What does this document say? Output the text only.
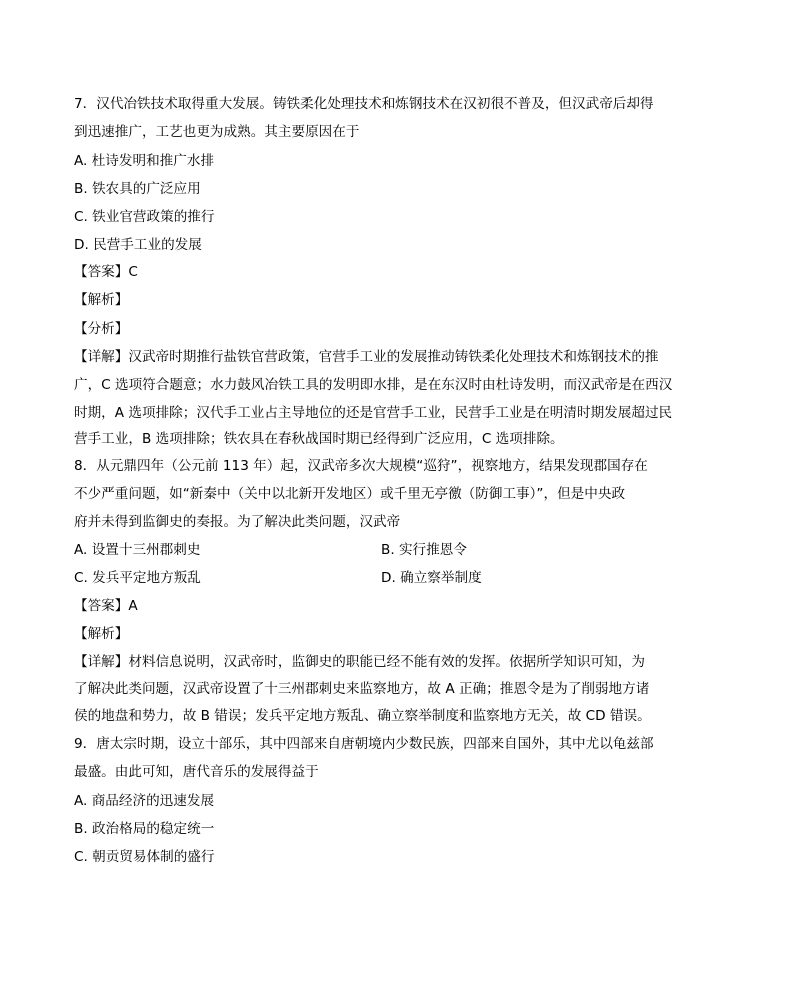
7．汉代冶铁技术取得重大发展。铸铁柔化处理技术和炼钢技术在汉初很不普及，但汉武帝后却得
到迅速推广，工艺也更为成熟。其主要原因在于
A. 杜诗发明和推广水排
B. 铁农具的广泛应用
C. 铁业官营政策的推行
D. 民营手工业的发展
【答案】C
【解析】
【分析】
【详解】汉武帝时期推行盐铁官营政策，官营手工业的发展推动铸铁柔化处理技术和炼钢技术的推
广，C 选项符合题意；水力鼓风冶铁工具的发明即水排，是在东汉时由杜诗发明，而汉武帝是在西汉
时期，A 选项排除；汉代手工业占主导地位的还是官营手工业，民营手工业是在明清时期发展超过民
营手工业，B 选项排除；铁农具在春秋战国时期已经得到广泛应用，C 选项排除。
8．从元鼎四年（公元前 113 年）起，汉武帝多次大规模“巡狩”，视察地方，结果发现郡国存在
不少严重问题，如“新秦中（关中以北新开发地区）或千里无亭徼（防御工事）”，但是中央政
府并未得到监御史的奏报。为了解决此类问题，汉武帝
A. 设置十三州郡刺史	B. 实行推恩令
C. 发兵平定地方叛乱	D. 确立察举制度
【答案】A
【解析】
【详解】材料信息说明，汉武帝时，监御史的职能已经不能有效的发挥。依据所学知识可知，为
了解决此类问题，汉武帝设置了十三州郡刺史来监察地方，故 A 正确；推恩令是为了削弱地方诸
侯的地盘和势力，故 B 错误；发兵平定地方叛乱、确立察举制度和监察地方无关，故 CD 错误。
9．唐太宗时期，设立十部乐，其中四部来自唐朝境内少数民族，四部来自国外，其中尤以龟兹部
最盛。由此可知，唐代音乐的发展得益于
A. 商品经济的迅速发展
B. 政治格局的稳定统一
C. 朝贡贸易体制的盛行
